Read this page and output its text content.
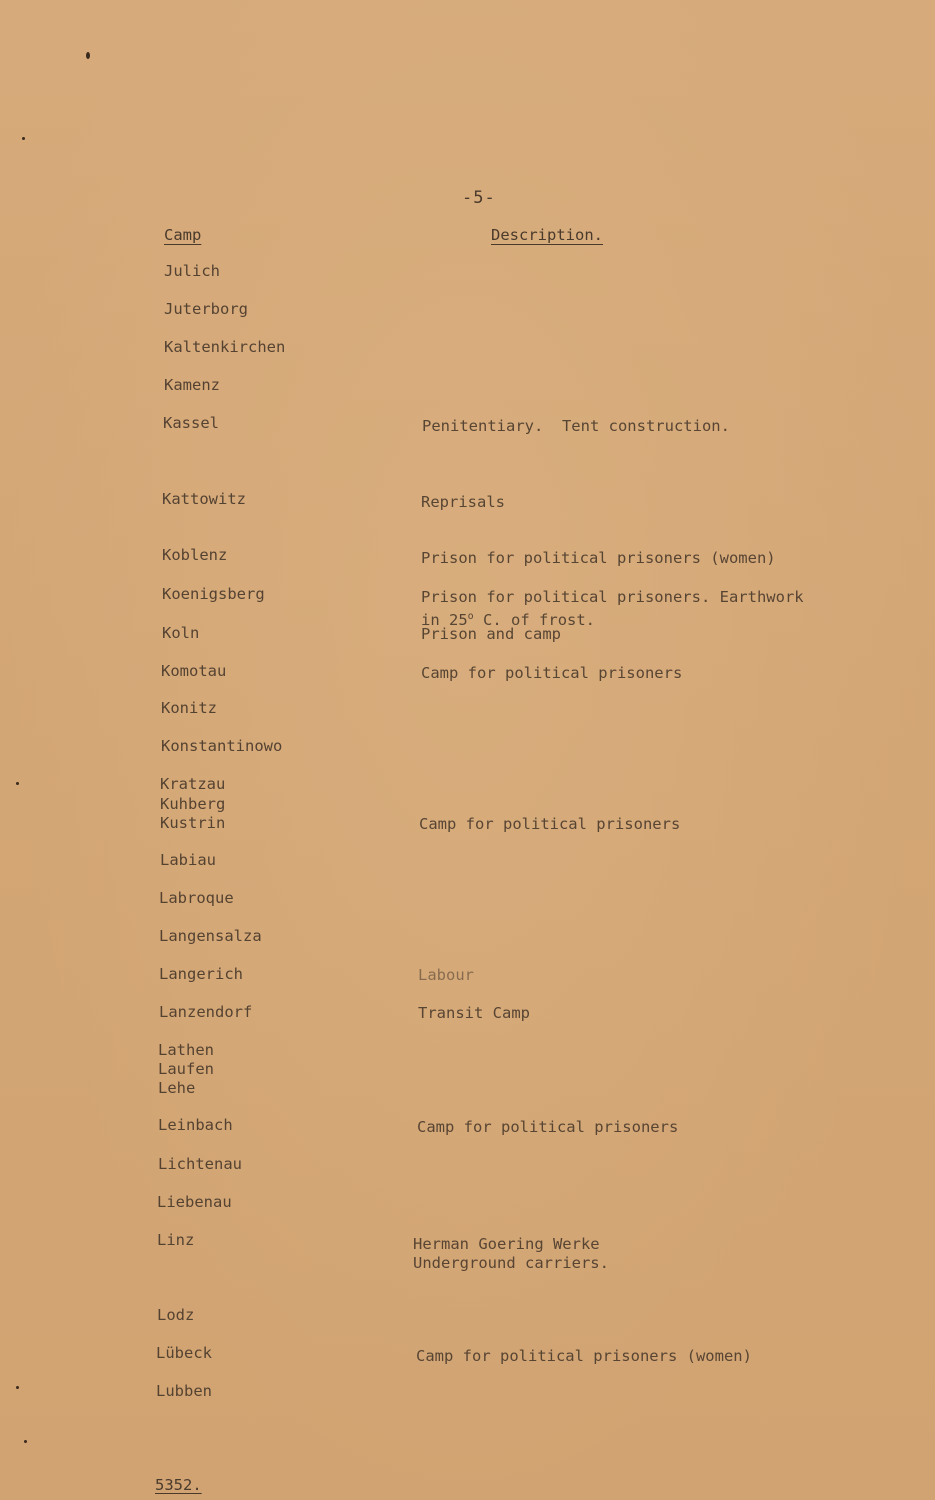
-5-
Camp	Description.
Julich
Juterborg
Kaltenkirchen
Kamenz
Kassel
Kattowitz
Koblenz
Koenigsberg
Koln
Komotau
Konitz
Konstantinowo
Kratzau
Kuhberg
Kustrin
Labiau
Labroque
Langensalza
Langerich
Lanzendorf
Lathen
Laufen
Lehe
Leinbach
Lichtenau
Liebenau
Linz
Lodz
Lübeck
Lubben
Penitentiary.  Tent construction.
Reprisals
Prison for political prisoners (women)
Prison for political prisoners. Earthwork
in 25$^o$ C. of frost.
Prison and camp
Camp for political prisoners
Camp for political prisoners
Labour
Transit Camp
Camp for political prisoners
Herman Goering Werke
Underground carriers.
Camp for political prisoners (women)
5352.
